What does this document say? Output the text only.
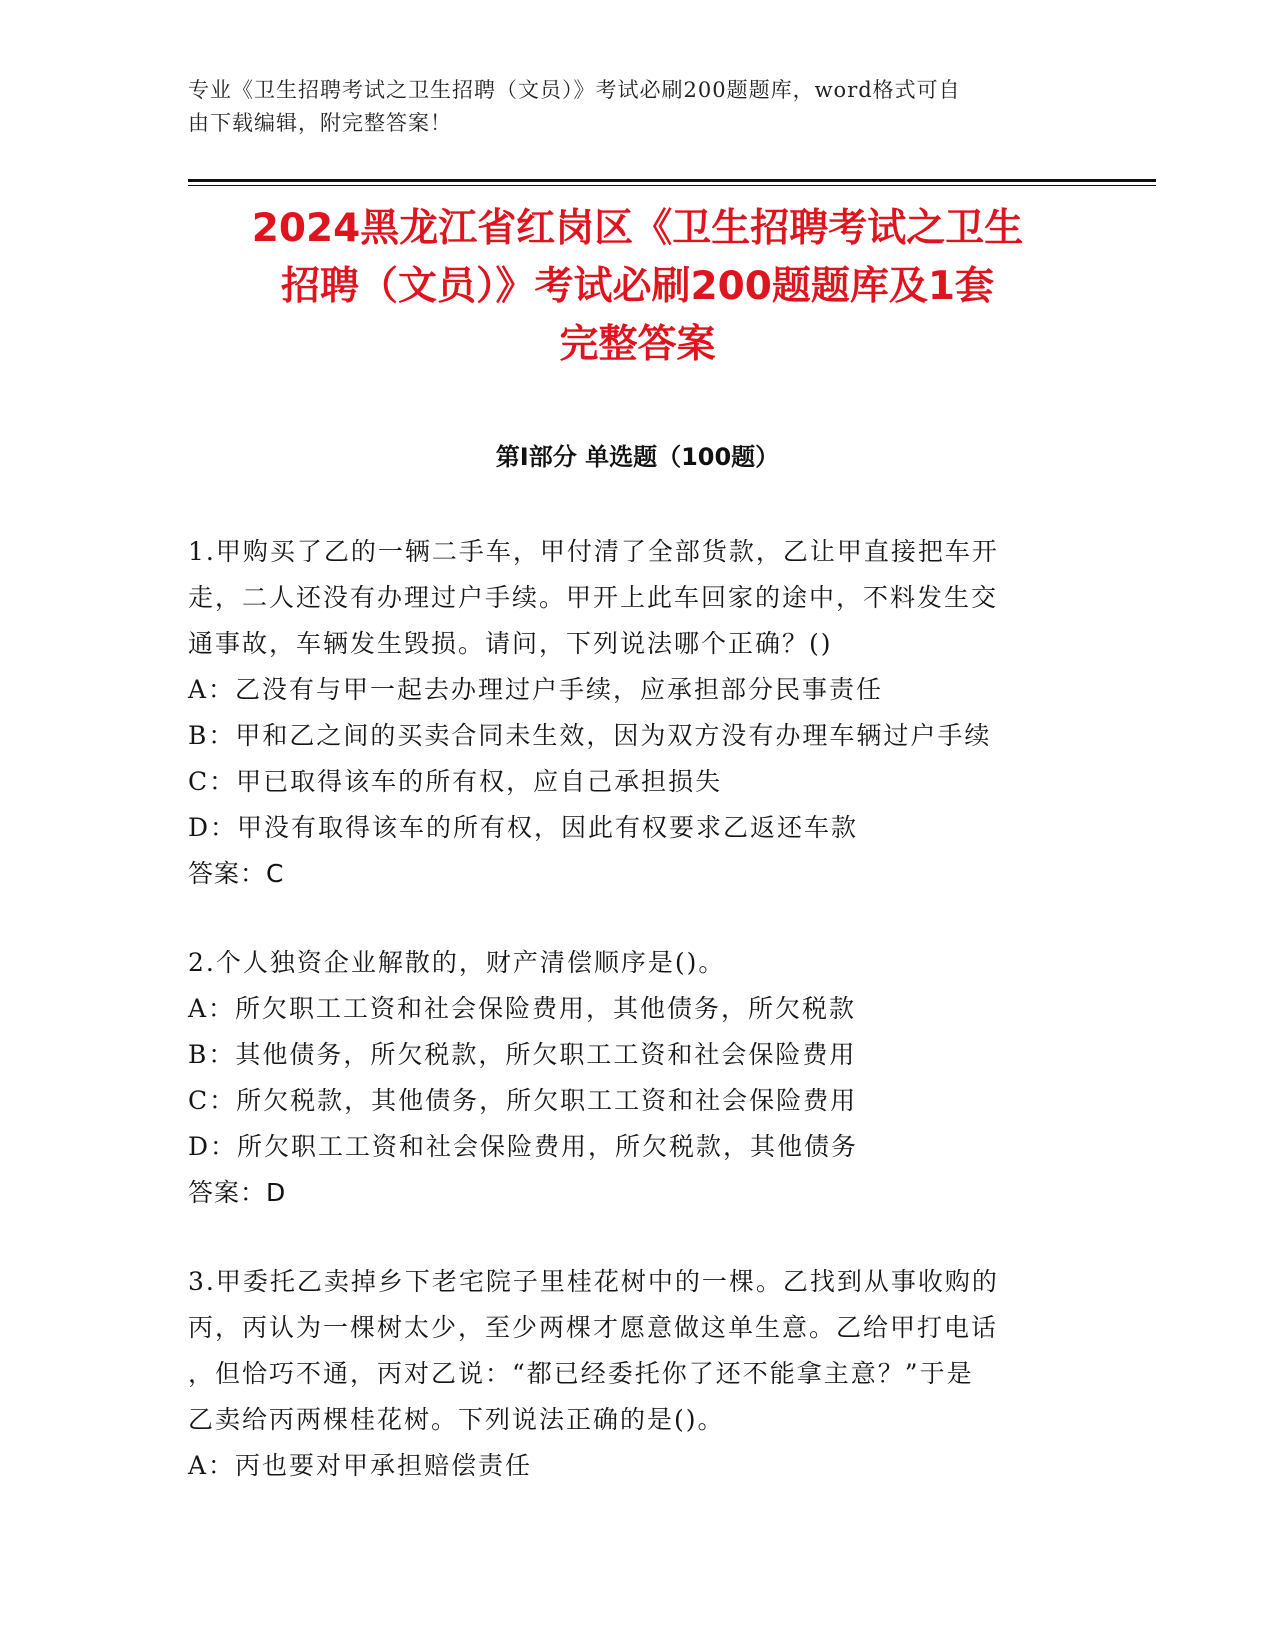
专业《卫生招聘考试之卫生招聘（文员）》考试必刷200题题库，word格式可自
由下载编辑，附完整答案！
2024黑龙江省红岗区《卫生招聘考试之卫生
招聘（文员）》考试必刷200题题库及1套
完整答案
第Ⅰ部分 单选题（100题）
1.甲购买了乙的一辆二手车，甲付清了全部货款，乙让甲直接把车开
走，二人还没有办理过户手续。甲开上此车回家的途中，不料发生交
通事故，车辆发生毁损。请问，下列说法哪个正确？()
A：乙没有与甲一起去办理过户手续，应承担部分民事责任
B：甲和乙之间的买卖合同未生效，因为双方没有办理车辆过户手续
C：甲已取得该车的所有权，应自己承担损失
D：甲没有取得该车的所有权，因此有权要求乙返还车款
答案：C
2.个人独资企业解散的，财产清偿顺序是()。
A：所欠职工工资和社会保险费用，其他债务，所欠税款
B：其他债务，所欠税款，所欠职工工资和社会保险费用
C：所欠税款，其他债务，所欠职工工资和社会保险费用
D：所欠职工工资和社会保险费用，所欠税款，其他债务
答案：D
3.甲委托乙卖掉乡下老宅院子里桂花树中的一棵。乙找到从事收购的
丙，丙认为一棵树太少，至少两棵才愿意做这单生意。乙给甲打电话
，但恰巧不通，丙对乙说：“都已经委托你了还不能拿主意？”于是
乙卖给丙两棵桂花树。下列说法正确的是()。
A：丙也要对甲承担赔偿责任
